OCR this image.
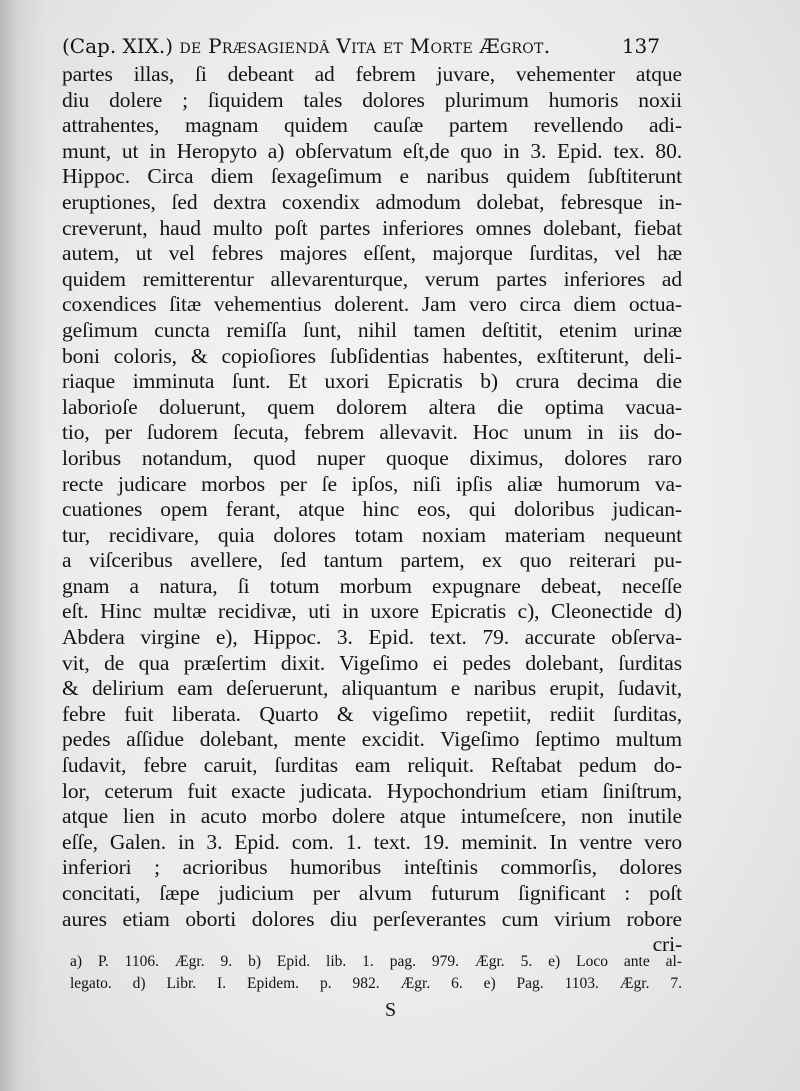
(Cap. XIX.) de Præsagiendâ Vita et Morte Ægrot.	137
partes illas, ſi debeant ad febrem juvare, vehementer atque
diu dolere ; ſiquidem tales dolores plurimum humoris noxii
attrahentes, magnam quidem cauſæ partem revellendo adi-
munt, ut in Heropyto a) obſervatum eſt,de quo in 3. Epid. tex. 80.
Hippoc. Circa diem ſexageſimum e naribus quidem ſubſtiterunt
eruptiones, ſed dextra coxendix admodum dolebat, febresque in-
creverunt, haud multo poſt partes inferiores omnes dolebant, fiebat
autem, ut vel febres majores eſſent, majorque ſurditas, vel hæ
quidem remitterentur allevarenturque, verum partes inferiores ad
coxendices ſitæ vehementius dolerent. Jam vero circa diem octua-
geſimum cuncta remiſſa ſunt, nihil tamen deſtitit, etenim urinæ
boni coloris, & copioſiores ſubſidentias habentes, exſtiterunt, deli-
riaque imminuta ſunt. Et uxori Epicratis b) crura decima die
laborioſe doluerunt, quem dolorem altera die optima vacua-
tio, per ſudorem ſecuta, febrem allevavit. Hoc unum in iis do-
loribus notandum, quod nuper quoque diximus, dolores raro
recte judicare morbos per ſe ipſos, niſi ipſis aliæ humorum va-
cuationes opem ferant, atque hinc eos, qui doloribus judican-
tur, recidivare, quia dolores totam noxiam materiam nequeunt
a viſceribus avellere, ſed tantum partem, ex quo reiterari pu-
gnam a natura, ſi totum morbum expugnare debeat, neceſſe
eſt. Hinc multæ recidivæ, uti in uxore Epicratis c), Cleonectide d)
Abdera virgine e), Hippoc. 3. Epid. text. 79. accurate obſerva-
vit, de qua præſertim dixit. Vigeſimo ei pedes dolebant, ſurditas
& delirium eam deſeruerunt, aliquantum e naribus erupit, ſudavit,
febre fuit liberata. Quarto & vigeſimo repetiit, rediit ſurditas,
pedes aſſidue dolebant, mente excidit. Vigeſimo ſeptimo multum
ſudavit, febre caruit, ſurditas eam reliquit. Reſtabat pedum do-
lor, ceterum fuit exacte judicata. Hypochondrium etiam ſiniſtrum,
atque lien in acuto morbo dolere atque intumeſcere, non inutile
eſſe, Galen. in 3. Epid. com. 1. text. 19. meminit. In ventre vero
inferiori ; acrioribus humoribus inteſtinis commorſis, dolores
concitati, ſæpe judicium per alvum futurum ſignificant : poſt
aures etiam oborti dolores diu perſeverantes cum virium robore
cri-
a) P. 1106. Ægr. 9. b) Epid. lib. 1. pag. 979. Ægr. 5. e) Loco ante al-
legato. d) Libr. I. Epidem. p. 982. Ægr. 6. e) Pag. 1103. Ægr. 7.
S
